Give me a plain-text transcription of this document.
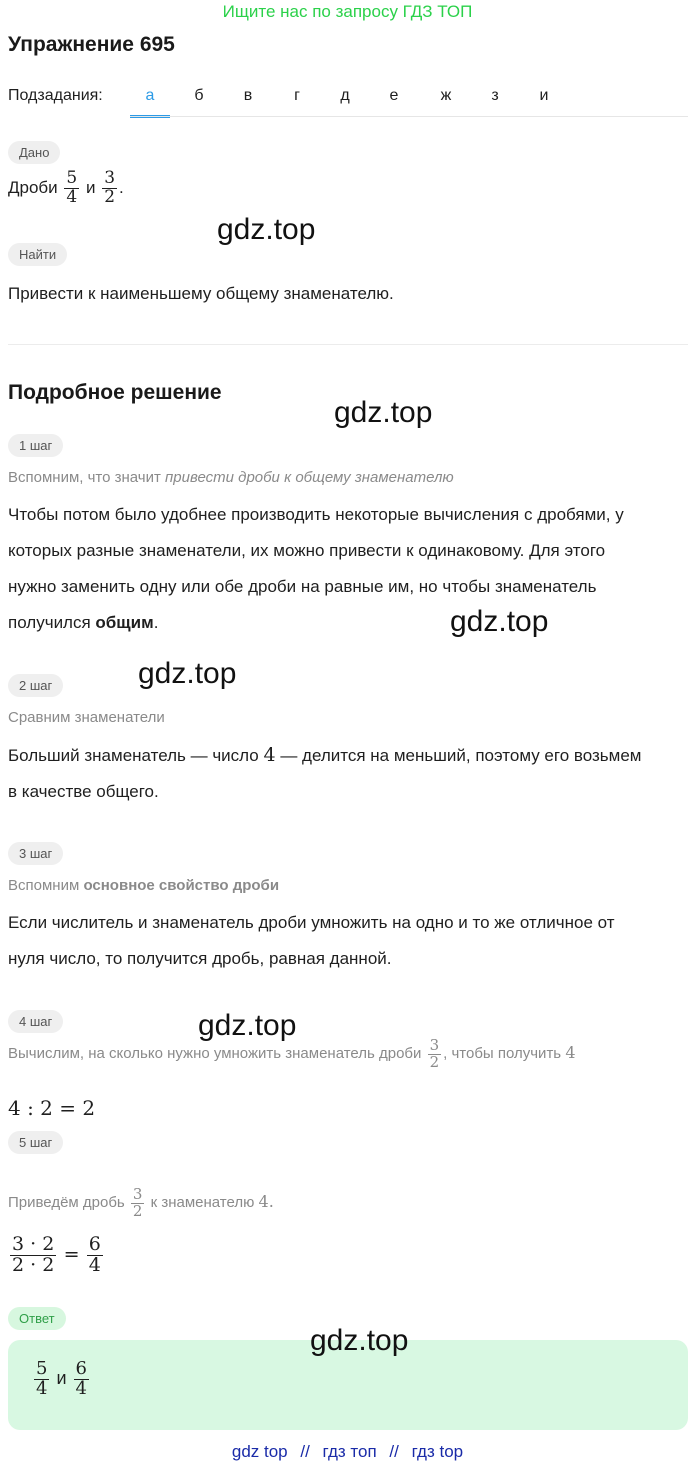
Ищите нас по запросу ГДЗ ТОП
Упражнение 695
Подзадания:	а	б	в	г	д	е	ж	з	и
Дано
Дроби $\frac{5}{4}$ и $\frac{3}{2}$ .
Найти
Привести к наименьшему общему знаменателю.
Подробное решение
1 шаг
Вспомним, что значит привести дроби к общему знаменателю
Чтобы потом было удобнее производить некоторые вычисления с дробями, у
которых разные знаменатели, их можно привести к одинаковому. Для этого
нужно заменить одну или обе дроби на равные им, но чтобы знаменатель
получился общим.
2 шаг
Сравним знаменатели
Больший знаменатель — число 4 — делится на меньший, поэтому его возьмем
в качестве общего.
3 шаг
Вспомним основное свойство дроби
Если числитель и знаменатель дроби умножить на одно и то же отличное от
нуля число, то получится дробь, равная данной.
4 шаг
Вычислим, на сколько нужно умножить знаменатель дроби $\frac{3}{2}$ , чтобы получить 4
4 : 2 = 2
5 шаг
Приведём дробь $\frac{3}{2}$ к знаменателю 4.
$\frac{3 \cdot 2}{2 \cdot 2} = \frac{6}{4}$
Ответ
$\frac{5}{4}$ и $\frac{6}{4}$
gdz.top
gdz.top
gdz.top
gdz.top
gdz.top
gdz.top
gdz top // гдз топ // гдз top
